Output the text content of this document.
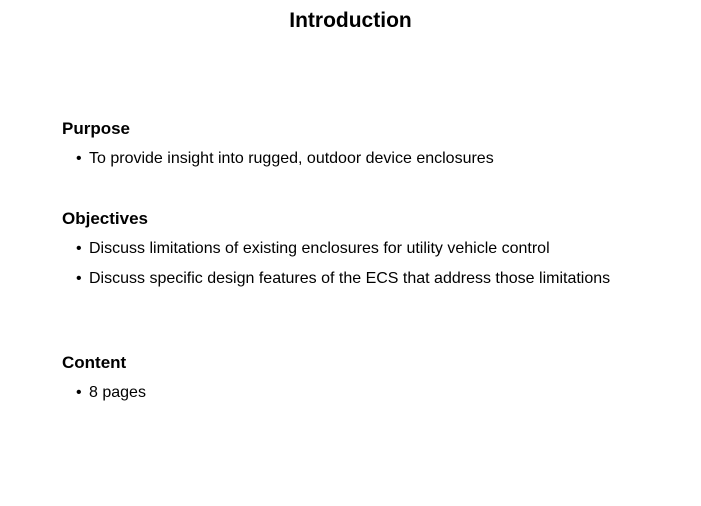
Introduction

Purpose

• To provide insight into rugged, outdoor device enclosures

Objectives

• Discuss limitations of existing enclosures for utility vehicle control
• Discuss specific design features of the ECS that address those limitations

Content

• 8 pages
